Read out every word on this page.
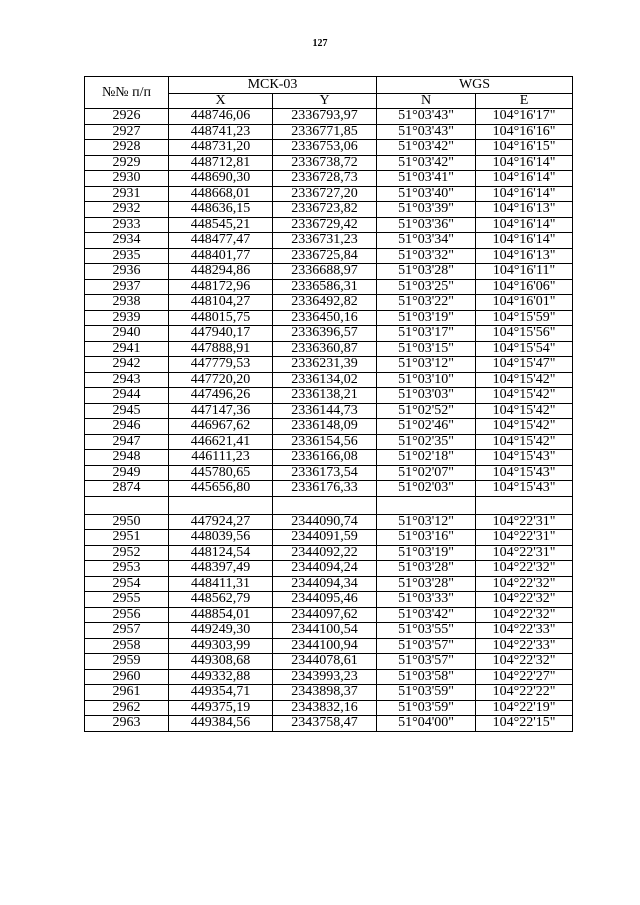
127
№№ п/п	МСК-03		WGS	
	X	Y	N	E
2926	448746,06	2336793,97	51°03'43"	104°16'17"
2927	448741,23	2336771,85	51°03'43"	104°16'16"
2928	448731,20	2336753,06	51°03'42"	104°16'15"
2929	448712,81	2336738,72	51°03'42"	104°16'14"
2930	448690,30	2336728,73	51°03'41"	104°16'14"
2931	448668,01	2336727,20	51°03'40"	104°16'14"
2932	448636,15	2336723,82	51°03'39"	104°16'13"
2933	448545,21	2336729,42	51°03'36"	104°16'14"
2934	448477,47	2336731,23	51°03'34"	104°16'14"
2935	448401,77	2336725,84	51°03'32"	104°16'13"
2936	448294,86	2336688,97	51°03'28"	104°16'11"
2937	448172,96	2336586,31	51°03'25"	104°16'06"
2938	448104,27	2336492,82	51°03'22"	104°16'01"
2939	448015,75	2336450,16	51°03'19"	104°15'59"
2940	447940,17	2336396,57	51°03'17"	104°15'56"
2941	447888,91	2336360,87	51°03'15"	104°15'54"
2942	447779,53	2336231,39	51°03'12"	104°15'47"
2943	447720,20	2336134,02	51°03'10"	104°15'42"
2944	447496,26	2336138,21	51°03'03"	104°15'42"
2945	447147,36	2336144,73	51°02'52"	104°15'42"
2946	446967,62	2336148,09	51°02'46"	104°15'42"
2947	446621,41	2336154,56	51°02'35"	104°15'42"
2948	446111,23	2336166,08	51°02'18"	104°15'43"
2949	445780,65	2336173,54	51°02'07"	104°15'43"
2874	445656,80	2336176,33	51°02'03"	104°15'43"

2950	447924,27	2344090,74	51°03'12"	104°22'31"
2951	448039,56	2344091,59	51°03'16"	104°22'31"
2952	448124,54	2344092,22	51°03'19"	104°22'31"
2953	448397,49	2344094,24	51°03'28"	104°22'32"
2954	448411,31	2344094,34	51°03'28"	104°22'32"
2955	448562,79	2344095,46	51°03'33"	104°22'32"
2956	448854,01	2344097,62	51°03'42"	104°22'32"
2957	449249,30	2344100,54	51°03'55"	104°22'33"
2958	449303,99	2344100,94	51°03'57"	104°22'33"
2959	449308,68	2344078,61	51°03'57"	104°22'32"
2960	449332,88	2343993,23	51°03'58"	104°22'27"
2961	449354,71	2343898,37	51°03'59"	104°22'22"
2962	449375,19	2343832,16	51°03'59"	104°22'19"
2963	449384,56	2343758,47	51°04'00"	104°22'15"
